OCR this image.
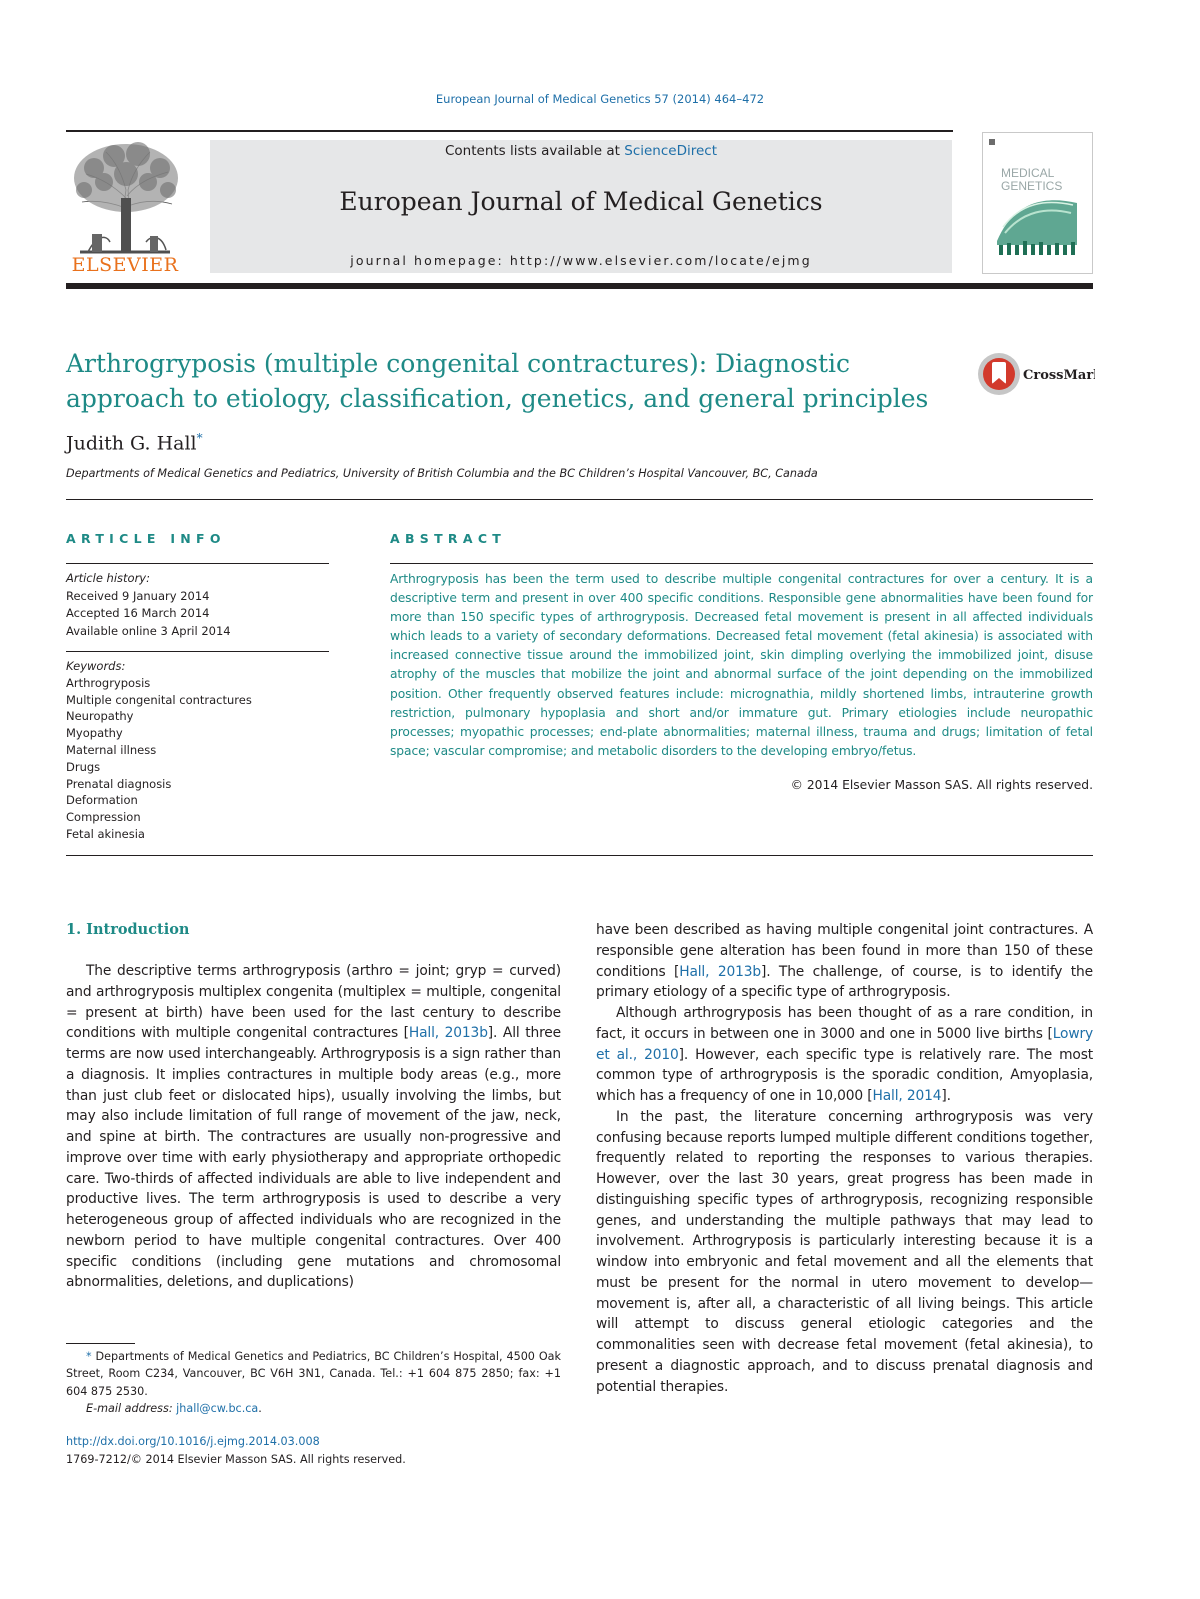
European Journal of Medical Genetics 57 (2014) 464–472
ELSEVIER
Contents lists available at ScienceDirect
European Journal of Medical Genetics
journal homepage: http://www.elsevier.com/locate/ejmg
MEDICAL
GENETICS
Arthrogryposis (multiple congenital contractures): Diagnostic
approach to etiology, classification, genetics, and general principles
CrossMark
Judith G. Hall*
Departments of Medical Genetics and Pediatrics, University of British Columbia and the BC Children’s Hospital Vancouver, BC, Canada
ARTICLE INFO
Article history:
Received 9 January 2014
Accepted 16 March 2014
Available online 3 April 2014
Keywords:
Arthrogryposis
Multiple congenital contractures
Neuropathy
Myopathy
Maternal illness
Drugs
Prenatal diagnosis
Deformation
Compression
Fetal akinesia
ABSTRACT
Arthrogryposis has been the term used to describe multiple congenital contractures for over a century. It is a descriptive term and present in over 400 specific conditions. Responsible gene abnormalities have been found for more than 150 specific types of arthrogryposis. Decreased fetal movement is present in all affected individuals which leads to a variety of secondary deformations. Decreased fetal movement (fetal akinesia) is associated with increased connective tissue around the immobilized joint, skin dimpling overlying the immobilized joint, disuse atrophy of the muscles that mobilize the joint and abnormal surface of the joint depending on the immobilized position. Other frequently observed features include: micrognathia, mildly shortened limbs, intrauterine growth restriction, pulmonary hypoplasia and short and/or immature gut. Primary etiologies include neuropathic processes; myopathic processes; end-plate abnormalities; maternal illness, trauma and drugs; limitation of fetal space; vascular compromise; and metabolic disorders to the developing embryo/fetus.
© 2014 Elsevier Masson SAS. All rights reserved.
1. Introduction

The descriptive terms arthrogryposis (arthro = joint; gryp = curved) and arthrogryposis multiplex congenita (multiplex = multiple, congenital = present at birth) have been used for the last century to describe conditions with multiple congenital contractures [Hall, 2013b]. All three terms are now used interchangeably. Arthrogryposis is a sign rather than a diagnosis. It implies contractures in multiple body areas (e.g., more than just club feet or dislocated hips), usually involving the limbs, but may also include limitation of full range of movement of the jaw, neck, and spine at birth. The contractures are usually non-progressive and improve over time with early physiotherapy and appropriate orthopedic care. Two-thirds of affected individuals are able to live independent and productive lives. The term arthrogryposis is used to describe a very heterogeneous group of affected individuals who are recognized in the newborn period to have multiple congenital contractures. Over 400 specific conditions (including gene mutations and chromosomal abnormalities, deletions, and duplications)

have been described as having multiple congenital joint contractures. A responsible gene alteration has been found in more than 150 of these conditions [Hall, 2013b]. The challenge, of course, is to identify the primary etiology of a specific type of arthrogryposis.

Although arthrogryposis has been thought of as a rare condition, in fact, it occurs in between one in 3000 and one in 5000 live births [Lowry et al., 2010]. However, each specific type is relatively rare. The most common type of arthrogryposis is the sporadic condition, Amyoplasia, which has a frequency of one in 10,000 [Hall, 2014].

In the past, the literature concerning arthrogryposis was very confusing because reports lumped multiple different conditions together, frequently related to reporting the responses to various therapies. However, over the last 30 years, great progress has been made in distinguishing specific types of arthrogryposis, recognizing responsible genes, and understanding the multiple pathways that may lead to involvement. Arthrogryposis is particularly interesting because it is a window into embryonic and fetal movement and all the elements that must be present for the normal in utero movement to develop—movement is, after all, a characteristic of all living beings. This article will attempt to discuss general etiologic categories and the commonalities seen with decrease fetal movement (fetal akinesia), to present a diagnostic approach, and to discuss prenatal diagnosis and potential therapies.

* Departments of Medical Genetics and Pediatrics, BC Children’s Hospital, 4500 Oak Street, Room C234, Vancouver, BC V6H 3N1, Canada. Tel.: +1 604 875 2850; fax: +1 604 875 2530.
E-mail address: jhall@cw.bc.ca.
http://dx.doi.org/10.1016/j.ejmg.2014.03.008
1769-7212/© 2014 Elsevier Masson SAS. All rights reserved.
